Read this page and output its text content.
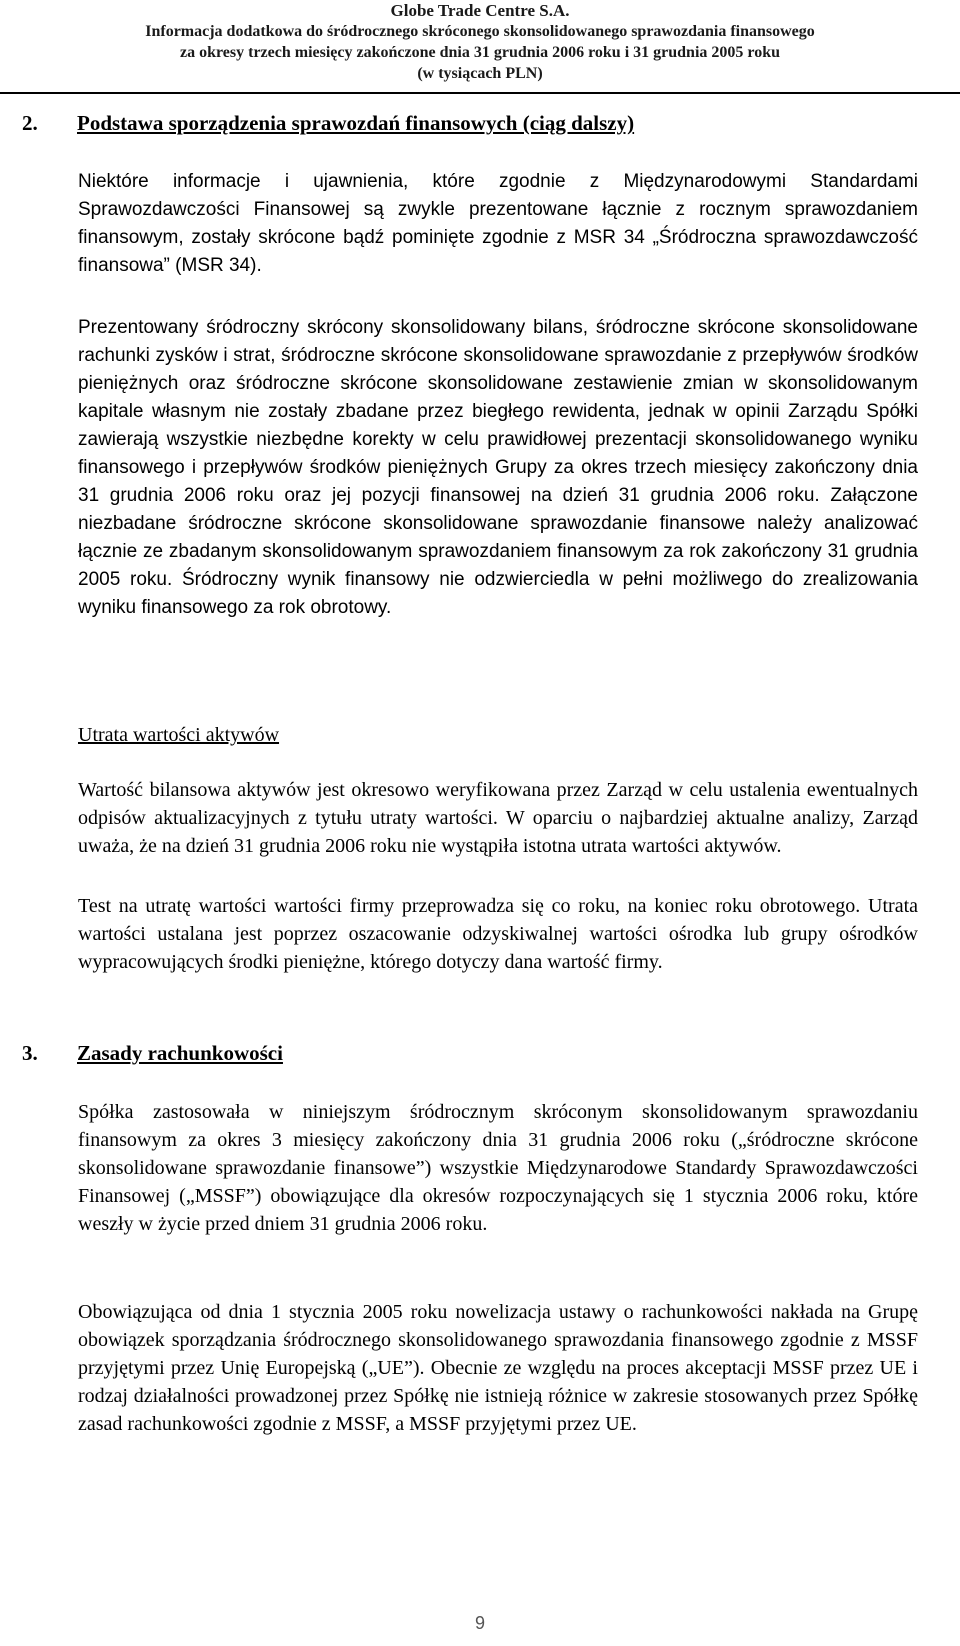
Globe Trade Centre S.A.
Informacja dodatkowa do śródrocznego skróconego skonsolidowanego sprawozdania finansowego
za okresy trzech miesięcy zakończone dnia 31 grudnia 2006 roku i 31 grudnia 2005 roku
(w tysiącach PLN)
2. Podstawa sporządzenia sprawozdań finansowych (ciąg dalszy)
Niektóre informacje i ujawnienia, które zgodnie z Międzynarodowymi Standardami Sprawozdawczości Finansowej są zwykle prezentowane łącznie z rocznym sprawozdaniem finansowym, zostały skrócone bądź pominięte zgodnie z MSR 34 „Śródroczna sprawozdawczość finansowa” (MSR 34).
Prezentowany śródroczny skrócony skonsolidowany bilans, śródroczne skrócone skonsolidowane rachunki zysków i strat, śródroczne skrócone skonsolidowane sprawozdanie z przepływów środków pieniężnych oraz śródroczne skrócone skonsolidowane zestawienie zmian w skonsolidowanym kapitale własnym nie zostały zbadane przez biegłego rewidenta, jednak w opinii Zarządu Spółki zawierają wszystkie niezbędne korekty w celu prawidłowej prezentacji skonsolidowanego wyniku finansowego i przepływów środków pieniężnych Grupy za okres trzech miesięcy zakończony dnia 31 grudnia 2006 roku oraz jej pozycji finansowej na dzień 31 grudnia 2006 roku. Załączone niezbadane śródroczne skrócone skonsolidowane sprawozdanie finansowe należy analizować łącznie ze zbadanym skonsolidowanym sprawozdaniem finansowym za rok zakończony 31 grudnia 2005 roku. Śródroczny wynik finansowy nie odzwierciedla w pełni możliwego do zrealizowania wyniku finansowego za rok obrotowy.
Utrata wartości aktywów
Wartość bilansowa aktywów jest okresowo weryfikowana przez Zarząd w celu ustalenia ewentualnych odpisów aktualizacyjnych z tytułu utraty wartości. W oparciu o najbardziej aktualne analizy, Zarząd uważa, że na dzień 31 grudnia 2006 roku nie wystąpiła istotna utrata wartości aktywów.
Test na utratę wartości wartości firmy przeprowadza się co roku, na koniec roku obrotowego. Utrata wartości ustalana jest poprzez oszacowanie odzyskiwalnej wartości ośrodka lub grupy ośrodków wypracowujących środki pieniężne, którego dotyczy dana wartość firmy.
3. Zasady rachunkowości
Spółka zastosowała w niniejszym śródrocznym skróconym skonsolidowanym sprawozdaniu finansowym za okres 3 miesięcy zakończony dnia 31 grudnia 2006 roku („śródroczne skrócone skonsolidowane sprawozdanie finansowe”) wszystkie Międzynarodowe Standardy Sprawozdawczości Finansowej („MSSF”) obowiązujące dla okresów rozpoczynających się 1 stycznia 2006 roku, które weszły w życie przed dniem 31 grudnia 2006 roku.
Obowiązująca od dnia 1 stycznia 2005 roku nowelizacja ustawy o rachunkowości nakłada na Grupę obowiązek sporządzania śródrocznego skonsolidowanego sprawozdania finansowego zgodnie z MSSF przyjętymi przez Unię Europejską („UE”). Obecnie ze względu na proces akceptacji MSSF przez UE i rodzaj działalności prowadzonej przez Spółkę nie istnieją różnice w zakresie stosowanych przez Spółkę zasad rachunkowości zgodnie z MSSF, a MSSF przyjętymi przez UE.
9
